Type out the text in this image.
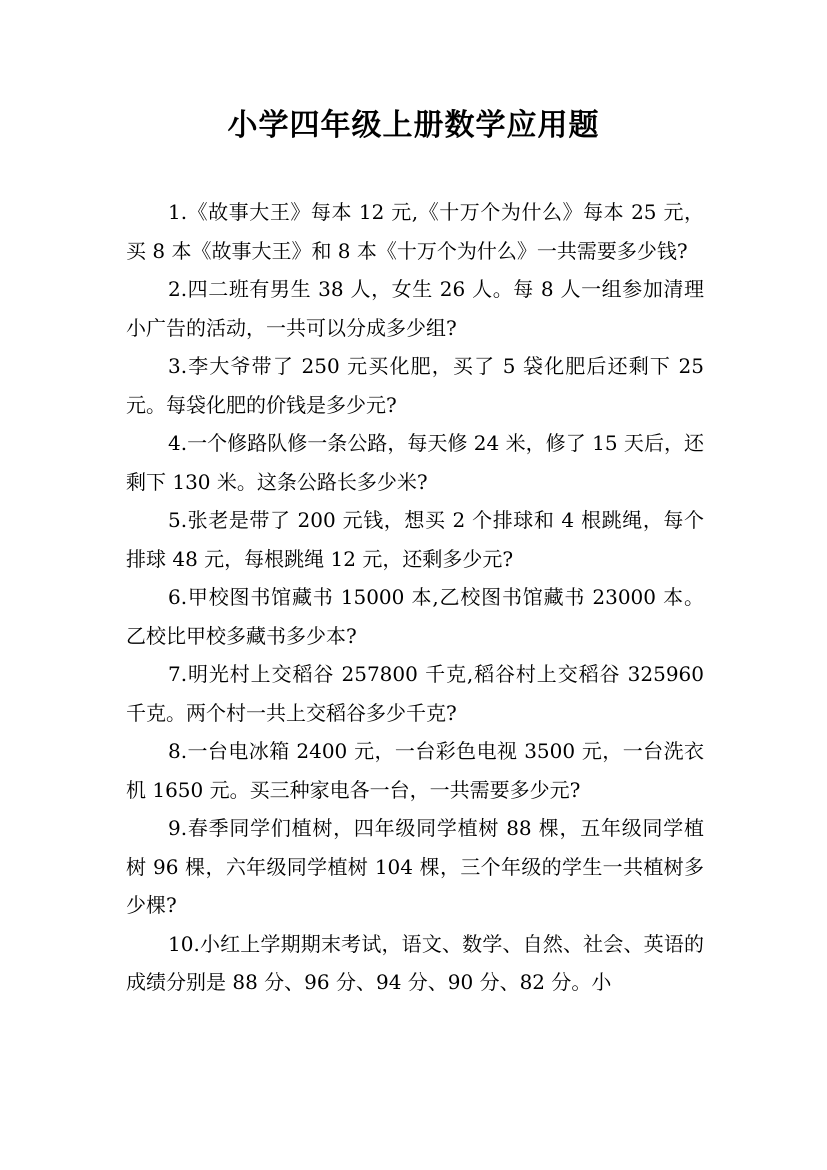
小学四年级上册数学应用题

1.《故事大王》每本 12 元,《十万个为什么》每本 25 元，买 8 本《故事大王》和 8 本《十万个为什么》一共需要多少钱?

2.四二班有男生 38 人，女生 26 人。每 8 人一组参加清理小广告的活动，一共可以分成多少组?

3.李大爷带了 250 元买化肥，买了 5 袋化肥后还剩下 25 元。每袋化肥的价钱是多少元?

4.一个修路队修一条公路，每天修 24 米，修了 15 天后，还剩下 130 米。这条公路长多少米?

5.张老是带了 200 元钱，想买 2 个排球和 4 根跳绳，每个排球 48 元，每根跳绳 12 元，还剩多少元?

6.甲校图书馆藏书 15000 本,乙校图书馆藏书 23000 本。乙校比甲校多藏书多少本?

7.明光村上交稻谷 257800 千克,稻谷村上交稻谷 325960 千克。两个村一共上交稻谷多少千克?

8.一台电冰箱 2400 元，一台彩色电视 3500 元，一台洗衣机 1650 元。买三种家电各一台，一共需要多少元?

9.春季同学们植树，四年级同学植树 88 棵，五年级同学植树 96 棵，六年级同学植树 104 棵，三个年级的学生一共植树多少棵?

10.小红上学期期末考试，语文、数学、自然、社会、英语的成绩分别是 88 分、96 分、94 分、90 分、82 分。小
